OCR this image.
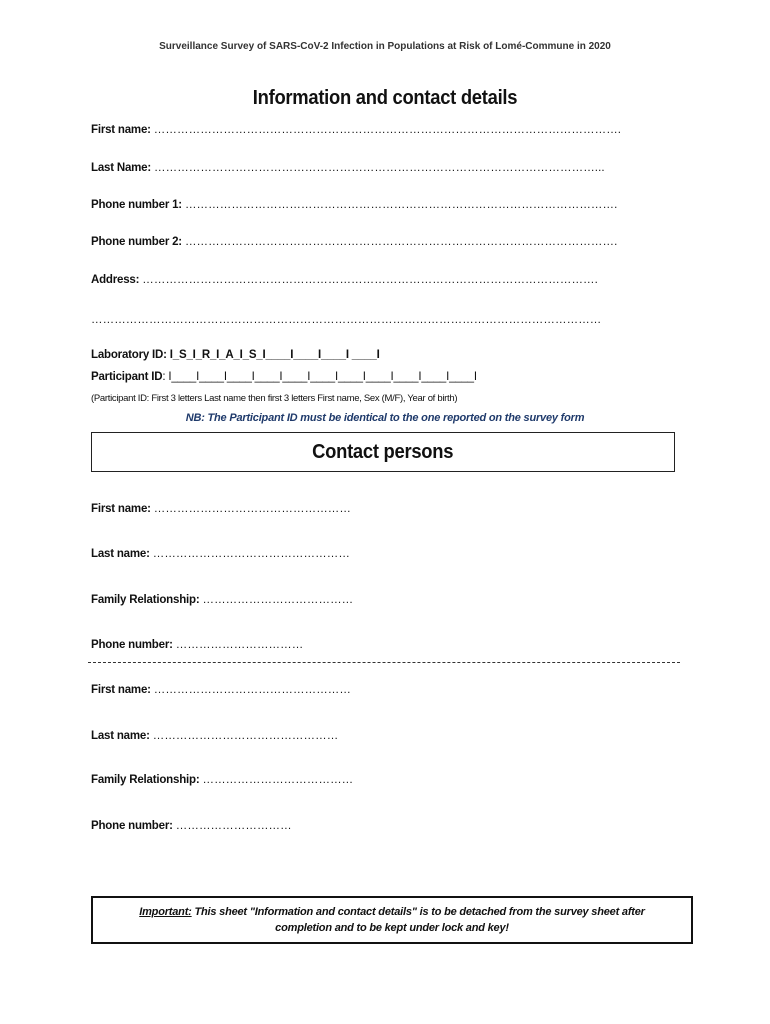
Surveillance Survey of SARS-CoV-2 Infection in Populations at Risk of Lomé-Commune in 2020
Information and contact details
First name: ………………………………………………………………………………………………………….
Last Name: ……………………………………………………………………………………………………...
Phone number 1: ………………………………………………………………………………………………….
Phone number 2: ………………………………………………………………………………………………….
Address: ……………………………………………………………………………………………………….
……………………………………………………………………………………………………………………
Laboratory ID: I_S_I_R_I_A_I_S_I____I____I____I ____I
Participant ID: I____I____I____I____I____I____I____I____I____I____I____I
(Participant ID: First 3 letters Last name then first 3 letters First name, Sex (M/F), Year of birth)
NB: The Participant ID must be identical to the one reported on the survey form
Contact persons
First name: ……………………………………………
Last name: ……………………………………………
Family Relationship: …………………………………
Phone number: ……………………………
First name: ……………………………………………
Last name: …………………………………………
Family Relationship: …………………………………
Phone number: …………………………
Important: This sheet "Information and contact details" is to be detached from the survey sheet after
completion and to be kept under lock and key!
